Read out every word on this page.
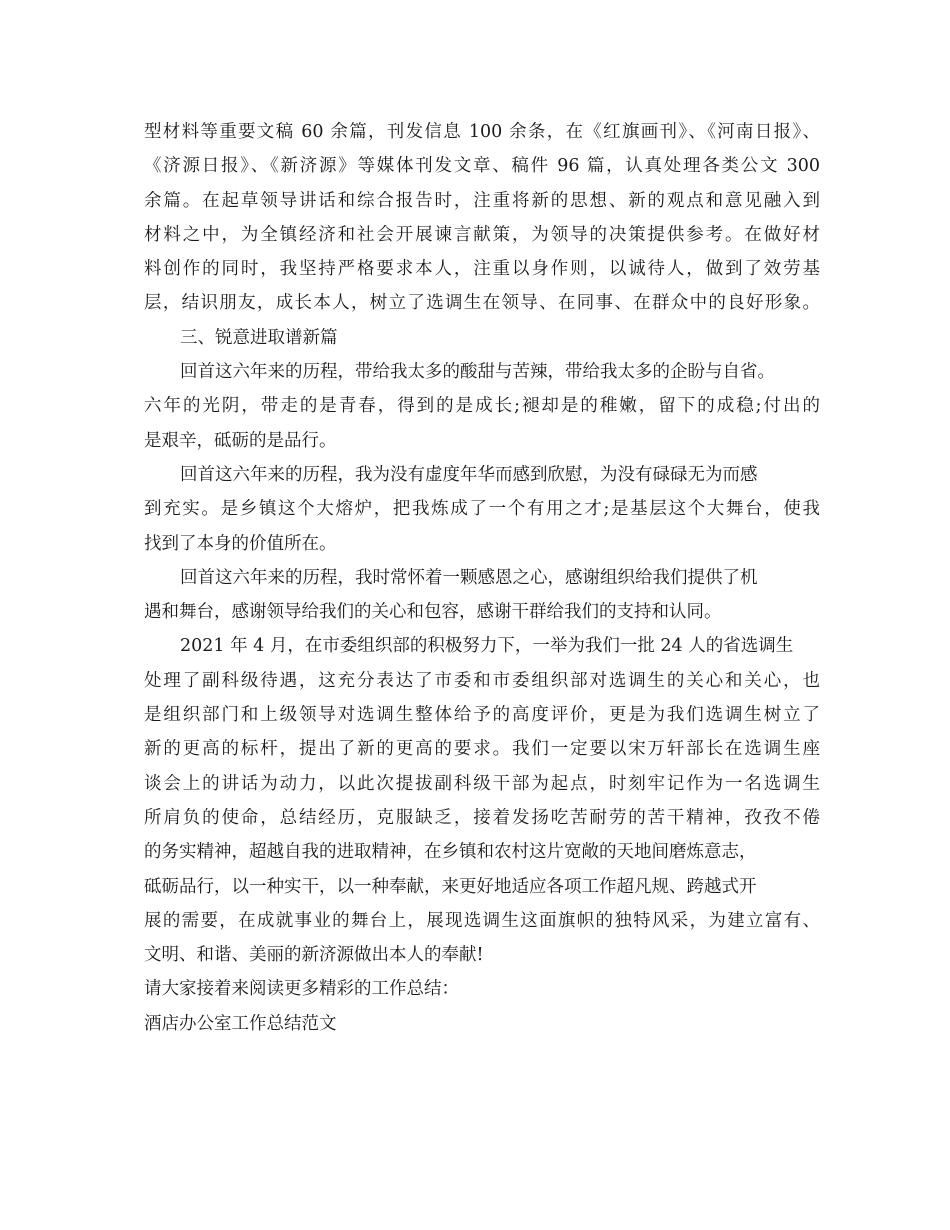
型材料等重要文稿 60 余篇，刊发信息 100 余条，在《红旗画刊》、《河南日报》、
《济源日报》、《新济源》等媒体刊发文章、稿件 96 篇，认真处理各类公文 300
余篇。在起草领导讲话和综合报告时，注重将新的思想、新的观点和意见融入到
材料之中，为全镇经济和社会开展谏言献策，为领导的决策提供参考。在做好材
料创作的同时，我坚持严格要求本人，注重以身作则，以诚待人，做到了效劳基
层，结识朋友，成长本人，树立了选调生在领导、在同事、在群众中的良好形象。
三、锐意进取谱新篇
回首这六年来的历程，带给我太多的酸甜与苦辣，带给我太多的企盼与自省。
六年的光阴，带走的是青春，得到的是成长;褪却是的稚嫩，留下的成稳;付出的
是艰辛，砥砺的是品行。
回首这六年来的历程，我为没有虚度年华而感到欣慰，为没有碌碌无为而感
到充实。是乡镇这个大熔炉，把我炼成了一个有用之才;是基层这个大舞台，使我
找到了本身的价值所在。
回首这六年来的历程，我时常怀着一颗感恩之心，感谢组织给我们提供了机
遇和舞台，感谢领导给我们的关心和包容，感谢干群给我们的支持和认同。
2021 年 4 月，在市委组织部的积极努力下，一举为我们一批 24 人的省选调生
处理了副科级待遇，这充分表达了市委和市委组织部对选调生的关心和关心，也
是组织部门和上级领导对选调生整体给予的高度评价，更是为我们选调生树立了
新的更高的标杆，提出了新的更高的要求。我们一定要以宋万轩部长在选调生座
谈会上的讲话为动力，以此次提拔副科级干部为起点，时刻牢记作为一名选调生
所肩负的使命，总结经历，克服缺乏，接着发扬吃苦耐劳的苦干精神，孜孜不倦
的务实精神，超越自我的进取精神，在乡镇和农村这片宽敞的天地间磨炼意志，
砥砺品行，以一种实干，以一种奉献，来更好地适应各项工作超凡规、跨越式开
展的需要，在成就事业的舞台上，展现选调生这面旗帜的独特风采，为建立富有、
文明、和谐、美丽的新济源做出本人的奉献!
请大家接着来阅读更多精彩的工作总结：
酒店办公室工作总结范文
